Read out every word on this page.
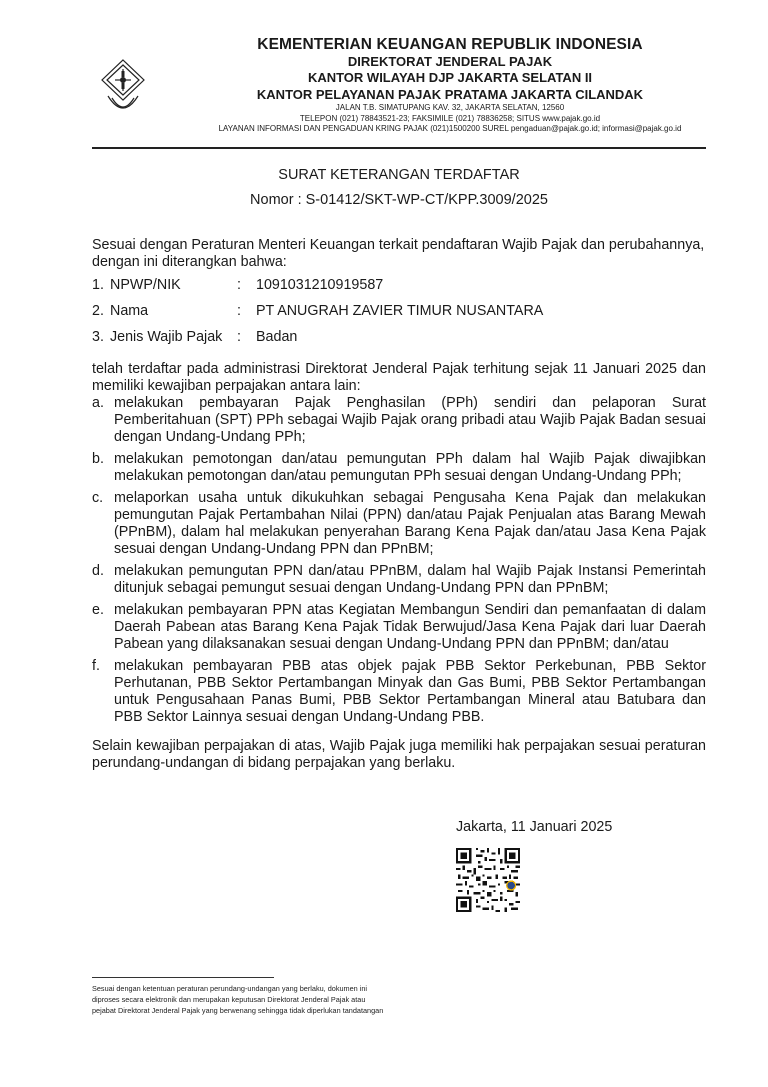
KEMENTERIAN KEUANGAN REPUBLIK INDONESIA
DIREKTORAT JENDERAL PAJAK
KANTOR WILAYAH DJP JAKARTA SELATAN II
KANTOR PELAYANAN PAJAK PRATAMA JAKARTA CILANDAK
JALAN T.B. SIMATUPANG KAV. 32, JAKARTA SELATAN, 12560
TELEPON (021) 78843521-23; FAKSIMILE (021) 78836258; SITUS www.pajak.go.id
LAYANAN INFORMASI DAN PENGADUAN KRING PAJAK (021)1500200 SUREL pengaduan@pajak.go.id; informasi@pajak.go.id
SURAT KETERANGAN TERDAFTAR
Nomor : S-01412/SKT-WP-CT/KPP.3009/2025
Sesuai dengan Peraturan Menteri Keuangan terkait pendaftaran Wajib Pajak dan perubahannya, dengan ini diterangkan bahwa:
1. NPWP/NIK	: 1091031210919587
2. Nama	: PT ANUGRAH ZAVIER TIMUR NUSANTARA
3. Jenis Wajib Pajak : Badan
telah terdaftar pada administrasi Direktorat Jenderal Pajak terhitung sejak 11 Januari 2025 dan memiliki kewajiban perpajakan antara lain:
a. melakukan pembayaran Pajak Penghasilan (PPh) sendiri dan pelaporan Surat Pemberitahuan (SPT) PPh sebagai Wajib Pajak orang pribadi atau Wajib Pajak Badan sesuai dengan Undang-Undang PPh;
b. melakukan pemotongan dan/atau pemungutan PPh dalam hal Wajib Pajak diwajibkan melakukan pemotongan dan/atau pemungutan PPh sesuai dengan Undang-Undang PPh;
c. melaporkan usaha untuk dikukuhkan sebagai Pengusaha Kena Pajak dan melakukan pemungutan Pajak Pertambahan Nilai (PPN) dan/atau Pajak Penjualan atas Barang Mewah (PPnBM), dalam hal melakukan penyerahan Barang Kena Pajak dan/atau Jasa Kena Pajak sesuai dengan Undang-Undang PPN dan PPnBM;
d. melakukan pemungutan PPN dan/atau PPnBM, dalam hal Wajib Pajak Instansi Pemerintah ditunjuk sebagai pemungut sesuai dengan Undang-Undang PPN dan PPnBM;
e. melakukan pembayaran PPN atas Kegiatan Membangun Sendiri dan pemanfaatan di dalam Daerah Pabean atas Barang Kena Pajak Tidak Berwujud/Jasa Kena Pajak dari luar Daerah Pabean yang dilaksanakan sesuai dengan Undang-Undang PPN dan PPnBM; dan/atau
f. melakukan pembayaran PBB atas objek pajak PBB Sektor Perkebunan, PBB Sektor Perhutanan, PBB Sektor Pertambangan Minyak dan Gas Bumi, PBB Sektor Pertambangan untuk Pengusahaan Panas Bumi, PBB Sektor Pertambangan Mineral atau Batubara dan PBB Sektor Lainnya sesuai dengan Undang-Undang PBB.
Selain kewajiban perpajakan di atas, Wajib Pajak juga memiliki hak perpajakan sesuai peraturan perundang-undangan di bidang perpajakan yang berlaku.
Jakarta, 11 Januari 2025
Sesuai dengan ketentuan peraturan perundang-undangan yang berlaku, dokumen ini
diproses secara elektronik dan merupakan keputusan Direktorat Jenderal Pajak atau
pejabat Direktorat Jenderal Pajak yang berwenang sehingga tidak diperlukan tandatangan
